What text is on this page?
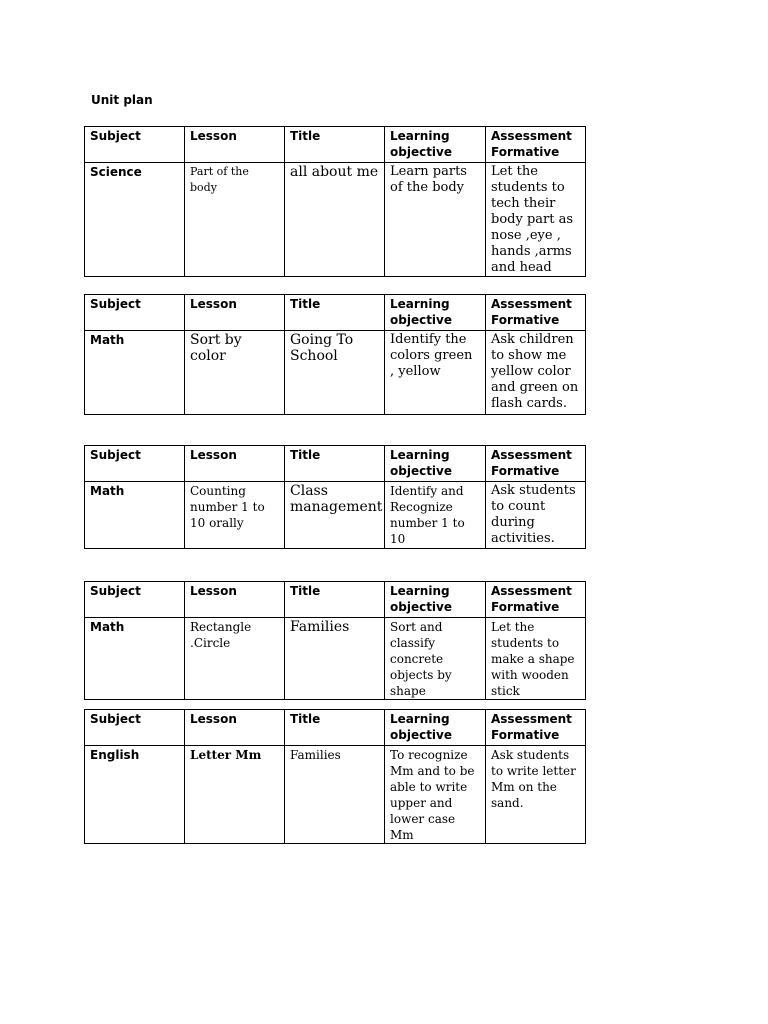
Unit plan
Subject	Lesson	Title	Learning objective	Assessment Formative
Science	Part of the body	all about me	Learn parts of the body	Let the students to tech their body part as nose ,eye , hands ,arms and head
Subject	Lesson	Title	Learning objective	Assessment Formative
Math	Sort by color	Going To School	Identify the colors green , yellow	Ask children to show me yellow color and green on flash cards.
Subject	Lesson	Title	Learning objective	Assessment Formative
Math	Counting number 1 to 10 orally	Class management	Identify and Recognize number 1 to 10	Ask students to count during activities.
Subject	Lesson	Title	Learning objective	Assessment Formative
Math	Rectangle .Circle	Families	Sort and classify concrete objects by shape	Let the students to make a shape with wooden stick
Subject	Lesson	Title	Learning objective	Assessment Formative
English	Letter Mm	Families	To recognize Mm and to be able to write upper and lower case Mm	Ask students to write letter Mm on the sand.
